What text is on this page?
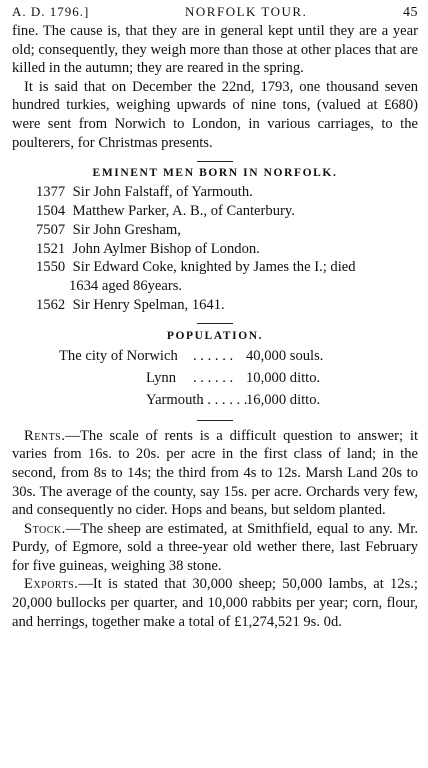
A. D. 1796.]	NORFOLK TOUR.	45

fine. The cause is, that they are in general kept until they are a year old; consequently, they weigh more than those at other places that are killed in the autumn; they are reared in the spring.

It is said that on December the 22nd, 1793, one thousand seven hundred turkies, weighing upwards of nine tons, (valued at £680) were sent from Norwich to London, in various carriages, to the poulterers, for Christmas presents.

EMINENT MEN BORN IN NORFOLK.
1377 Sir John Falstaff, of Yarmouth.
1504 Matthew Parker, A. B., of Canterbury.
7507 Sir John Gresham,
1521 John Aylmer Bishop of London.
1550 Sir Edward Coke, knighted by James the I.; died
1634 aged 86years.
1562 Sir Henry Spelman, 1641.
POPULATION.
The city of Norwich . . . . . . 40,000 souls.
Lynn . . . . . . 10,000 ditto.
Yarmouth
. . . . . . .
16,000 ditto.

Rents.—The scale of rents is a difficult question to answer; it varies from 16s. to 20s. per acre in the first class of land; in the second, from 8s to 14s; the third from 4s to 12s. Marsh Land 20s to 30s. The average of the county, say 15s. per acre. Orchards very few, and consequently no cider. Hops and beans, but seldom planted.

Stock.—The sheep are estimated, at Smithfield, equal to any. Mr. Purdy, of Egmore, sold a three-year old wether there, last February for five guineas, weighing 38 stone.

Exports.—It is stated that 30,000 sheep; 50,000 lambs, at 12s.; 20,000 bullocks per quarter, and 10,000 rabbits per year; corn, flour, and herrings, together make a total of £1,274,521 9s. 0d.
